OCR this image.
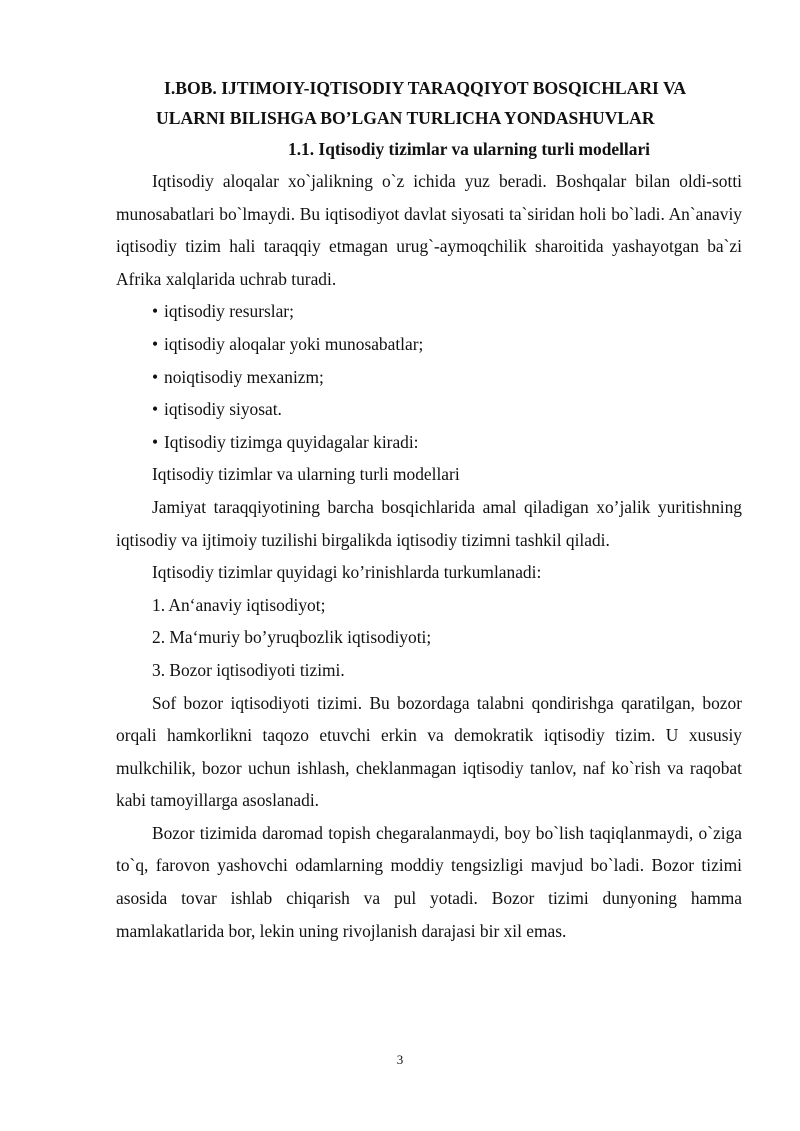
I.BOB. IJTIMOIY-IQTISODIY TARAQQIYOT BOSQICHLARI VA
ULARNI BILISHGA BO’LGAN TURLICHA YONDASHUVLAR
1.1. Iqtisodiy tizimlar va ularning turli modellari

Iqtisodiy aloqalar xo`jalikning o`z ichida yuz beradi. Boshqalar bilan oldi-sotti munosabatlari bo`lmaydi. Bu iqtisodiyot davlat siyosati ta`siridan holi bo`ladi. An`anaviy iqtisodiy tizim hali taraqqiy etmagan urug`-aymoqchilik sharoitida yashayotgan ba`zi Afrika xalqlarida uchrab turadi.

• iqtisodiy resurslar;
• iqtisodiy aloqalar yoki munosabatlar;
• noiqtisodiy mexanizm;
• iqtisodiy siyosat.
• Iqtisodiy tizimga quyidagalar kiradi:
Iqtisodiy tizimlar va ularning turli modellari

Jamiyat taraqqiyotining barcha bosqichlarida amal qiladigan xo’jalik yuritishning iqtisodiy va ijtimoiy tuzilishi birgalikda iqtisodiy tizimni tashkil qiladi.

Iqtisodiy tizimlar quyidagi ko’rinishlarda turkumlanadi:
1. An‘anaviy iqtisodiyot;
2. Ma‘muriy bo’yruqbozlik iqtisodiyoti;
3. Bozor iqtisodiyoti tizimi.

Sof bozor iqtisodiyoti tizimi. Bu bozordaga talabni qondirishga qaratilgan, bozor orqali hamkorlikni taqozo etuvchi erkin va demokratik iqtisodiy tizim. U xususiy mulkchilik, bozor uchun ishlash, cheklanmagan iqtisodiy tanlov, naf ko`rish va raqobat kabi tamoyillarga asoslanadi.

Bozor tizimida daromad topish chegaralanmaydi, boy bo`lish taqiqlanmaydi, o`ziga to`q, farovon yashovchi odamlarning moddiy tengsizligi mavjud bo`ladi. Bozor tizimi asosida tovar ishlab chiqarish va pul yotadi. Bozor tizimi dunyoning hamma mamlakatlarida bor, lekin uning rivojlanish darajasi bir xil emas.

3
